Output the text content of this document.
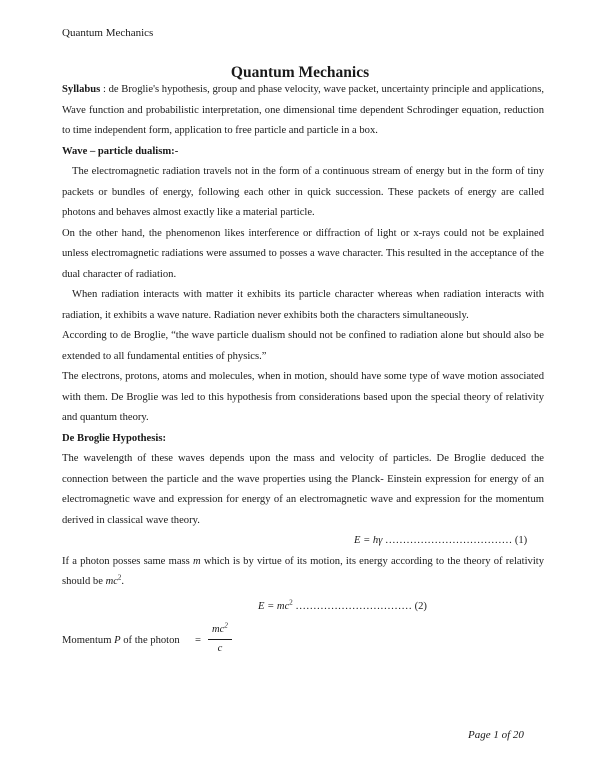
Quantum Mechanics
Quantum Mechanics

Syllabus : de Broglie's hypothesis, group and phase velocity, wave packet, uncertainty principle and applications, Wave function and probabilistic interpretation, one dimensional time dependent Schrodinger equation, reduction to time independent form, application to free particle and particle in a box.

Wave – particle dualism:-

The electromagnetic radiation travels not in the form of a continuous stream of energy but in the form of tiny packets or bundles of energy, following each other in quick succession. These packets of energy are called photons and behaves almost exactly like a material particle.

On the other hand, the phenomenon likes interference or diffraction of light or x-rays could not be explained unless electromagnetic radiations were assumed to posses a wave character. This resulted in the acceptance of the dual character of radiation.

When radiation interacts with matter it exhibits its particle character whereas when radiation interacts with radiation, it exhibits a wave nature. Radiation never exhibits both the characters simultaneously.

According to de Broglie, “the wave particle dualism should not be confined to radiation alone but should also be extended to all fundamental entities of physics.”

The electrons, protons, atoms and molecules, when in motion, should have some type of wave motion associated with them. De Broglie was led to this hypothesis from considerations based upon the special theory of relativity and quantum theory.

De Broglie Hypothesis:

The wavelength of these waves depends upon the mass and velocity of particles. De Broglie deduced the connection between the particle and the wave properties using the Planck- Einstein expression for energy of an electromagnetic wave and expression for energy of an electromagnetic wave and expression for the momentum derived in classical wave theory.

E = hγ ……………………………… (1)

If a photon posses same mass m which is by virtue of its motion, its energy according to the theory of relativity should be $mc^2$.

$E = mc^2$ …………………………… (2)
Momentum P of the photon = $\frac{mc^2}{c}$
Page 1 of 20
